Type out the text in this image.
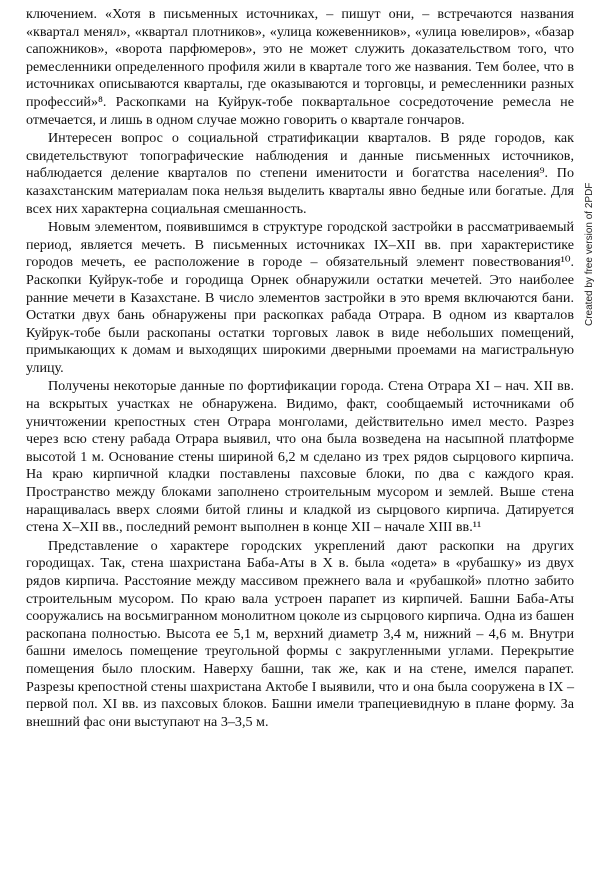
ключением. «Хотя в письменных источниках, – пишут они, – встречаются названия «квартал менял», «квартал плотников», «улица кожевенников», «улица ювелиров», «базар сапожников», «ворота парфюмеров», это не может служить доказательством того, что ремесленники определенного профиля жили в квартале того же названия. Тем более, что в источниках описываются кварталы, где оказываются и торговцы, и ремесленники разных профессий»⁸. Раскопками на Куйрук-тобе поквартальное сосредоточение ремесла не отмечается, и лишь в одном случае можно говорить о квартале гончаров.

Интересен вопрос о социальной стратификации кварталов. В ряде городов, как свидетельствуют топографические наблюдения и данные письменных источников, наблюдается деление кварталов по степени именитости и богатства населения⁹. По казахстанским материалам пока нельзя выделить кварталы явно бедные или богатые. Для всех них характерна социальная смешанность.

Новым элементом, появившимся в структуре городской застройки в рассматриваемый период, является мечеть. В письменных источниках IX–XII вв. при характеристике городов мечеть, ее расположение в городе – обязательный элемент повествования¹⁰. Раскопки Куйрук-тобе и городища Орнек обнаружили остатки мечетей. Это наиболее ранние мечети в Казахстане. В число элементов застройки в это время включаются бани. Остатки двух бань обнаружены при раскопках рабада Отрара. В одном из кварталов Куйрук-тобе были раскопаны остатки торговых лавок в виде небольших помещений, примыкающих к домам и выходящих широкими дверными проемами на магистральную улицу.

Получены некоторые данные по фортификации города. Стена Отрара XI – нач. XII вв. на вскрытых участках не обнаружена. Видимо, факт, сообщаемый источниками об уничтожении крепостных стен Отрара монголами, действительно имел место. Разрез через всю стену рабада Отрара выявил, что она была возведена на насыпной платформе высотой 1 м. Основание стены шириной 6,2 м сделано из трех рядов сырцового кирпича. На краю кирпичной кладки поставлены пахсовые блоки, по два с каждого края. Пространство между блоками заполнено строительным мусором и землей. Выше стена наращивалась вверх слоями битой глины и кладкой из сырцового кирпича. Датируется стена X–XII вв., последний ремонт выполнен в конце XII – начале XIII вв.¹¹

Представление о характере городских укреплений дают раскопки на других городищах. Так, стена шахристана Баба-Аты в X в. была «одета» в «рубашку» из двух рядов кирпича. Расстояние между массивом прежнего вала и «рубашкой» плотно забито строительным мусором. По краю вала устроен парапет из кирпичей. Башни Баба-Аты сооружались на восьмигранном монолитном цоколе из сырцового кирпича. Одна из башен раскопана полностью. Высота ее 5,1 м, верхний диаметр 3,4 м, нижний – 4,6 м. Внутри башни имелось помещение треугольной формы с закругленными углами. Перекрытие помещения было плоским. Наверху башни, так же, как и на стене, имелся парапет. Разрезы крепостной стены шахристана Актобе I выявили, что и она была сооружена в IX – первой пол. XI вв. из пахсовых блоков. Башни имели трапециевидную в плане форму. За внешний фас они выступают на 3–3,5 м.

Created by free version of 2PDF
